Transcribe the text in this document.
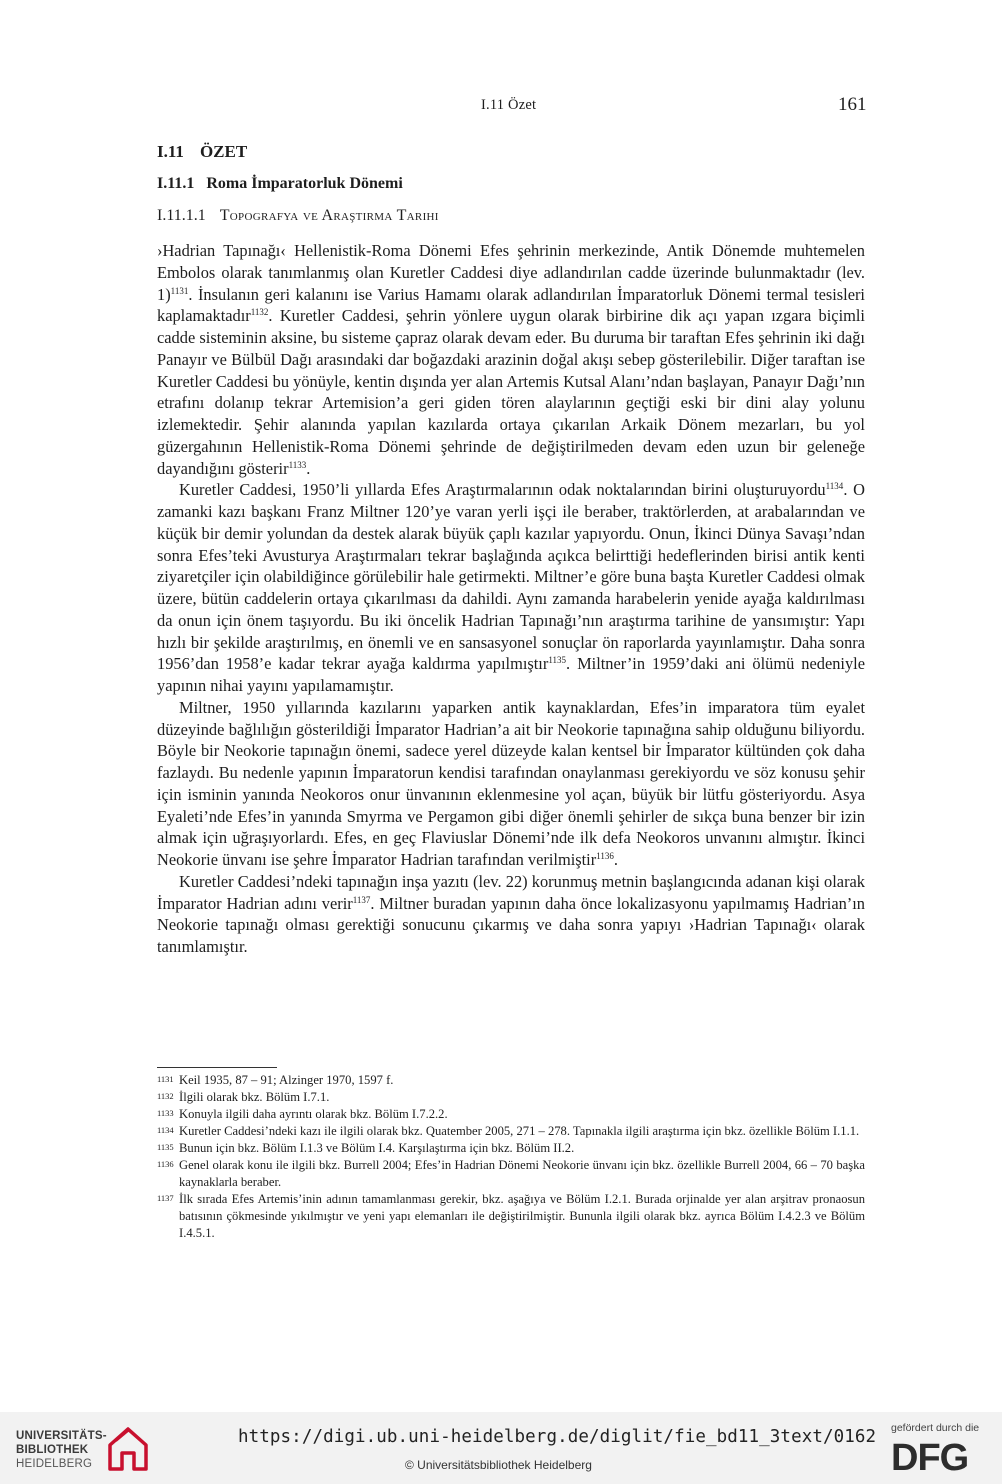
I.11 Özet	161
I.11 ÖZET
I.11.1 Roma İmparatorluk Dönemi
I.11.1.1 Topografya ve Araştırma Tarihi

›Hadrian Tapınağı‹ Hellenistik-Roma Dönemi Efes şehrinin merkezinde, Antik Dönemde muhtemelen Embolos olarak tanımlanmış olan Kuretler Caddesi diye adlandırılan cadde üzerinde bulunmaktadır (lev. 1)$^{1131}$. İnsulanın geri kalanını ise Varius Hamamı olarak adlandırılan İmparatorluk Dönemi termal tesisleri kaplamaktadır$^{1132}$. Kuretler Caddesi, şehrin yönlere uygun olarak birbirine dik açı yapan ızgara biçimli cadde sisteminin aksine, bu sisteme çapraz olarak devam eder. Bu duruma bir taraftan Efes şehrinin iki dağı Panayır ve Bülbül Dağı arasındaki dar boğazdaki arazinin doğal akışı sebep gösterilebilir. Diğer taraftan ise Kuretler Caddesi bu yönüyle, kentin dışında yer alan Artemis Kutsal Alanı’ndan başlayan, Panayır Dağı’nın etrafını dolanıp tekrar Artemision’a geri giden tören alaylarının geçtiği eski bir dini alay yolunu izlemektedir. Şehir alanında yapılan kazılarda ortaya çıkarılan Arkaik Dönem mezarları, bu yol güzergahının Hellenistik-Roma Dönemi şehrinde de değiştirilmeden devam eden uzun bir geleneğe dayandığını gösterir$^{1133}$.

Kuretler Caddesi, 1950’li yıllarda Efes Araştırmalarının odak noktalarından birini oluşturuyordu$^{1134}$. O zamanki kazı başkanı Franz Miltner 120’ye varan yerli işçi ile beraber, traktörlerden, at arabalarından ve küçük bir demir yolundan da destek alarak büyük çaplı kazılar yapıyordu. Onun, İkinci Dünya Savaşı’ndan sonra Efes’teki Avusturya Araştırmaları tekrar başlağında açıkca belirttiği hedeflerinden birisi antik kenti ziyaretçiler için olabildiğince görülebilir hale getirmekti. Miltner’e göre buna başta Kuretler Caddesi olmak üzere, bütün caddelerin ortaya çıkarılması da dahildi. Aynı zamanda harabelerin yenide ayağa kaldırılması da onun için önem taşıyordu. Bu iki öncelik Hadrian Tapınağı’nın araştırma tarihine de yansımıştır: Yapı hızlı bir şekilde araştırılmış, en önemli ve en sansasyonel sonuçlar ön raporlarda yayınlamıştır. Daha sonra 1956’dan 1958’e kadar tekrar ayağa kaldırma yapılmıştır$^{1135}$. Miltner’in 1959’daki ani ölümü nedeniyle yapının nihai yayını yapılamamıştır.

Miltner, 1950 yıllarında kazılarını yaparken antik kaynaklardan, Efes’in imparatora tüm eyalet düzeyinde bağlılığın gösterildiği İmparator Hadrian’a ait bir Neokorie tapınağına sahip olduğunu biliyordu. Böyle bir Neokorie tapınağın önemi, sadece yerel düzeyde kalan kentsel bir İmparator kültünden çok daha fazlaydı. Bu nedenle yapının İmparatorun kendisi tarafından onaylanması gerekiyordu ve söz konusu şehir için isminin yanında Neokoros onur ünvanının eklenmesine yol açan, büyük bir lütfu gösteriyordu. Asya Eyaleti’nde Efes’in yanında Smyrma ve Pergamon gibi diğer önemli şehirler de sıkça buna benzer bir izin almak için uğraşıyorlardı. Efes, en geç Flaviuslar Dönemi’nde ilk defa Neokoros unvanını almıştır. İkinci Neokorie ünvanı ise şehre İmparator Hadrian tarafından verilmiştir$^{1136}$.

Kuretler Caddesi’ndeki tapınağın inşa yazıtı (lev. 22) korunmuş metnin başlangıcında adanan kişi olarak İmparator Hadrian adını verir$^{1137}$. Miltner buradan yapının daha önce lokalizasyonu yapılmamış Hadrian’ın Neokorie tapınağı olması gerektiği sonucunu çıkarmış ve daha sonra yapıyı ›Hadrian Tapınağı‹ olarak tanımlamıştır.

1131 Keil 1935, 87 – 91; Alzinger 1970, 1597 f.
1132 İlgili olarak bkz. Bölüm I.7.1.
1133 Konuyla ilgili daha ayrıntı olarak bkz. Bölüm I.7.2.2.
1134 Kuretler Caddesi’ndeki kazı ile ilgili olarak bkz. Quatember 2005, 271 – 278. Tapınakla ilgili araştırma için bkz. özellikle Bölüm I.1.1.
1135 Bunun için bkz. Bölüm I.1.3 ve Bölüm I.4. Karşılaştırma için bkz. Bölüm II.2.
1136 Genel olarak konu ile ilgili bkz. Burrell 2004; Efes’in Hadrian Dönemi Neokorie ünvanı için bkz. özellikle Burrell 2004, 66 – 70 başka kaynaklarla beraber.
1137 İlk sırada Efes Artemis’inin adının tamamlanması gerekir, bkz. aşağıya ve Bölüm I.2.1. Burada orjinalde yer alan arşitrav pronaosun batısının çökmesinde yıkılmıştır ve yeni yapı elemanları ile değiştirilmiştir. Bununla ilgili olarak bkz. ayrıca Bölüm I.4.2.3 ve Bölüm I.4.5.1.
UNIVERSITÄTS-
BIBLIOTHEK
HEIDELBERG
https://digi.ub.uni-heidelberg.de/diglit/fie_bd11_3text/0162
© Universitätsbibliothek Heidelberg
gefördert durch die
DFG
